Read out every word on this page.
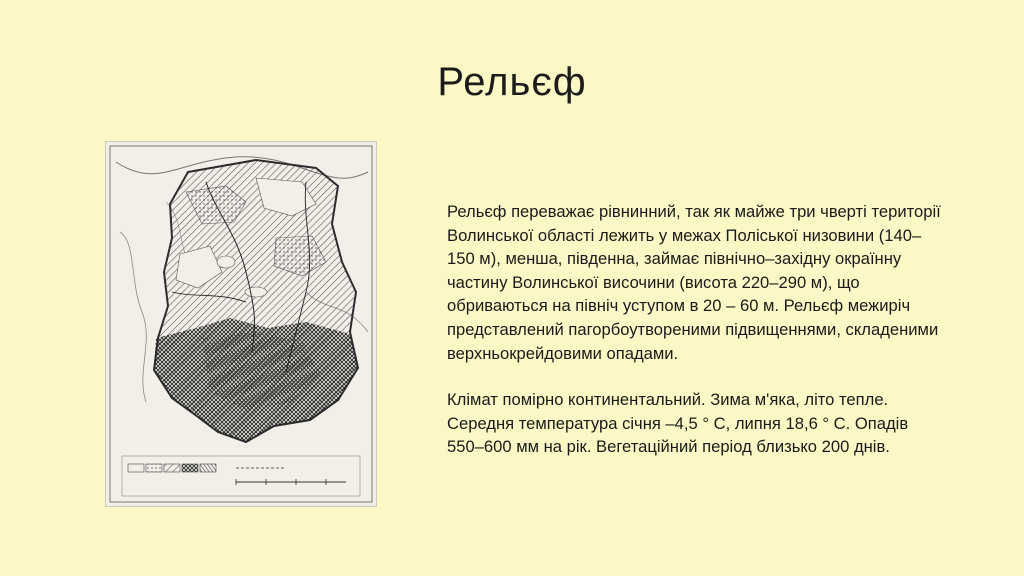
Рельєф

Рельєф переважає рівнинний, так як майже три чверті території Волинської області лежить у межах Поліської низовини (140–150 м), менша, південна, займає північно–західну окраїнну частину Волинської височини (висота 220–290 м), що обриваються на північ уступом в 20 – 60 м. Рельєф межиріч представлений пагорбоутвореними підвищеннями, складеними верхньокрейдовими опадами.

Клімат помірно континентальний. Зима м'яка, літо тепле. Середня температура січня –4,5 ° С, липня 18,6 ° С. Опадів 550–600 мм на рік. Вегетаційний період близько 200 днів.
